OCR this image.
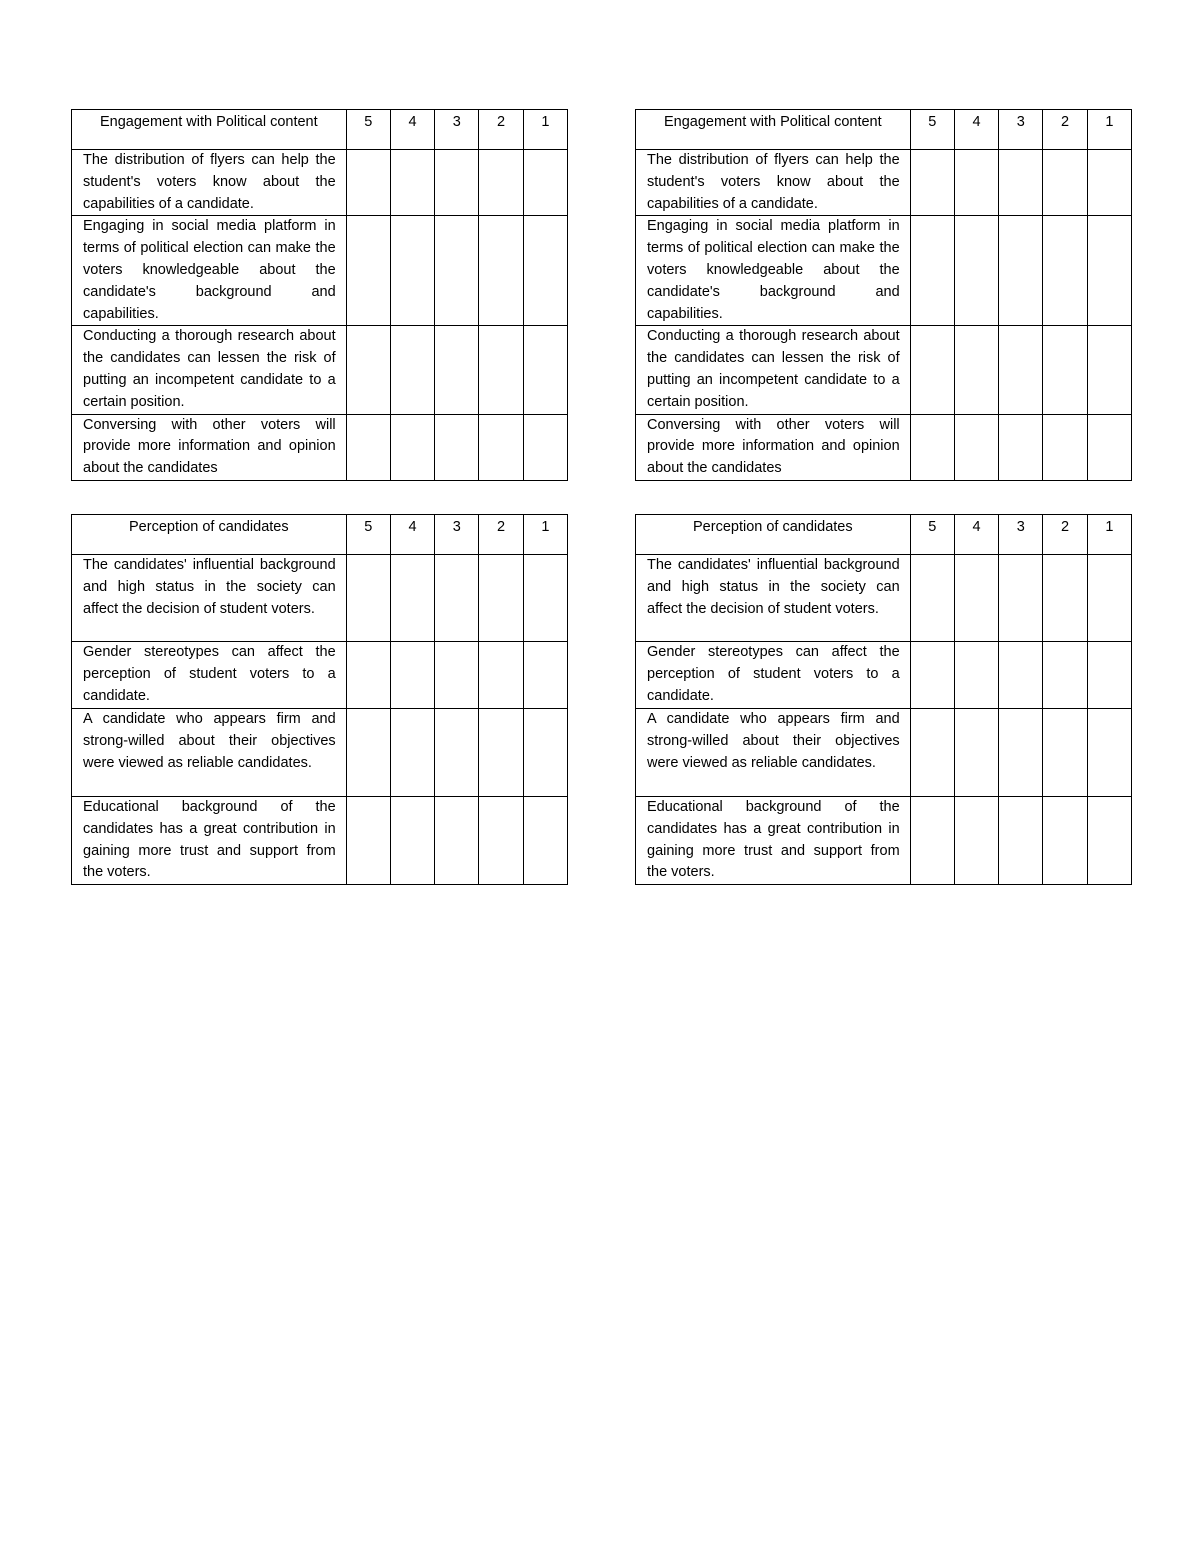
Engagement with Political content	5	4	3	2	1
The distribution of flyers can help the student's voters know about the capabilities of a candidate.					
Engaging in social media platform in terms of political election can make the voters knowledgeable about the candidate's background and capabilities.					
Conducting a thorough research about the candidates can lessen the risk of putting an incompetent candidate to a certain position.					
Conversing with other voters will provide more information and opinion about the candidates					
Engagement with Political content	5	4	3	2	1
The distribution of flyers can help the student's voters know about the capabilities of a candidate.					
Engaging in social media platform in terms of political election can make the voters knowledgeable about the candidate's background and capabilities.					
Conducting a thorough research about the candidates can lessen the risk of putting an incompetent candidate to a certain position.					
Conversing with other voters will provide more information and opinion about the candidates					
Perception of candidates	5	4	3	2	1
The candidates' influential background and high status in the society can affect the decision of student voters.					
Gender stereotypes can affect the perception of student voters to a candidate.					
A candidate who appears firm and strong-willed about their objectives were viewed as reliable candidates.					
Educational background of the candidates has a great contribution in gaining more trust and support from the voters.					
Perception of candidates	5	4	3	2	1
The candidates' influential background and high status in the society can affect the decision of student voters.					
Gender stereotypes can affect the perception of student voters to a candidate.					
A candidate who appears firm and strong-willed about their objectives were viewed as reliable candidates.					
Educational background of the candidates has a great contribution in gaining more trust and support from the voters.					
